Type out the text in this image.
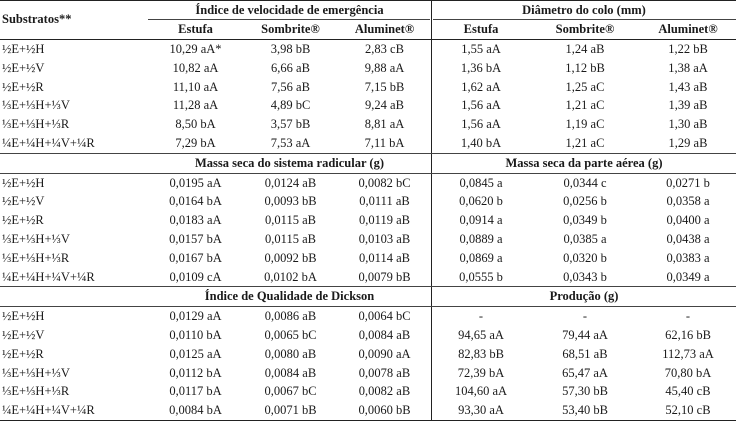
Substratos**
Índice de velocidade de emergência	Diâmetro do colo (mm)
Estufa	Sombrite®	Aluminet®	Estufa	Sombrite®	Aluminet®
½E+½H	10,29 aA*	3,98 bB	2,83 cB	1,55 aA	1,24 aB	1,22 bB
½E+½V	10,82 aA	6,66 aB	9,88 aA	1,36 bA	1,12 bB	1,38 aA
½E+½R	11,10 aA	7,56 aB	7,15 bB	1,62 aA	1,25 aC	1,43 aB
⅓E+⅓H+⅓V	11,28 aA	4,89 bC	9,24 aB	1,56 aA	1,21 aC	1,39 aB
⅓E+⅓H+⅓R	8,50 bA	3,57 bB	8,81 aA	1,56 aA	1,19 aC	1,30 aB
¼E+¼H+¼V+¼R	7,29 bA	7,53 aA	7,11 bA	1,40 bA	1,21 aC	1,29 aB
Massa seca do sistema radicular (g)	Massa seca da parte aérea (g)
½E+½H	0,0195 aA	0,0124 aB	0,0082 bC	0,0845 a	0,0344 c	0,0271 b
½E+½V	0,0164 bA	0,0093 bB	0,0111 aB	0,0620 b	0,0256 b	0,0358 a
½E+½R	0,0183 aA	0,0115 aB	0,0119 aB	0,0914 a	0,0349 b	0,0400 a
⅓E+⅓H+⅓V	0,0157 bA	0,0115 aB	0,0103 aB	0,0889 a	0,0385 a	0,0438 a
⅓E+⅓H+⅓R	0,0167 bA	0,0092 bB	0,0114 aB	0,0869 a	0,0320 b	0,0383 a
¼E+¼H+¼V+¼R	0,0109 cA	0,0102 bA	0,0079 bB	0,0555 b	0,0343 b	0,0349 a
Índice de Qualidade de Dickson	Produção (g)
½E+½H	0,0129 aA	0,0086 aB	0,0064 bC	-	-	-
½E+½V	0,0110 bA	0,0065 bC	0,0084 aB	94,65 aA	79,44 aA	62,16 bB
½E+½R	0,0125 aA	0,0080 aB	0,0090 aA	82,83 bB	68,51 aB	112,73 aA
⅓E+⅓H+⅓V	0,0112 bA	0,0084 aB	0,0078 aB	72,39 bA	65,47 aA	70,80 bA
⅓E+⅓H+⅓R	0,0117 bA	0,0067 bC	0,0082 aB	104,60 aA	57,30 bB	45,40 cB
¼E+¼H+¼V+¼R	0,0084 bA	0,0071 bB	0,0060 bB	93,30 aA	53,40 bB	52,10 cB
